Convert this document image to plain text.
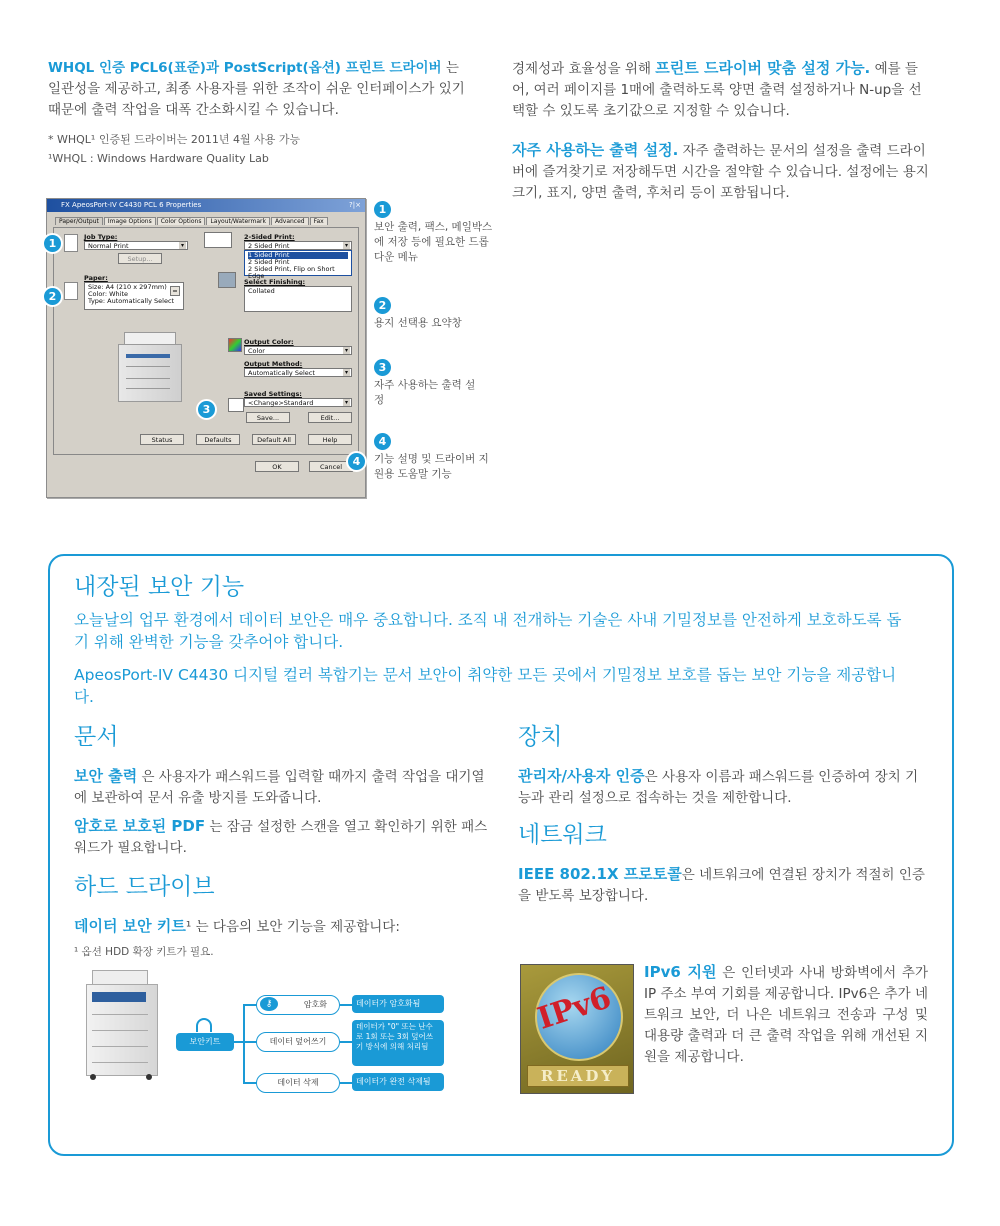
WHQL 인증 PCL6(표준)과 PostScript(옵션) 프린트 드라이버 는 일관성을 제공하고, 최종 사용자를 위한 조작이 쉬운 인터페이스가 있기 때문에 출력 작업을 대폭 간소화시킬 수 있습니다.

* WHQL¹ 인증된 드라이버는 2011년 4월 사용 가능

¹WHQL : Windows Hardware Quality Lab

경제성과 효율성을 위해 프린트 드라이버 맞춤 설정 가능. 예를 들어, 여러 페이지를 1매에 출력하도록 양면 출력 설정하거나 N-up을 선택할 수 있도록 초기값으로 지정할 수 있습니다.

자주 사용하는 출력 설정. 자주 출력하는 문서의 설정을 출력 드라이버에 즐겨찾기로 저장해두면 시간을 절약할 수 있습니다. 설정에는 용지 크기, 표지, 양면 출력, 후처리 등이 포함됩니다.

FX ApeosPort-IV C4430 PCL 6 Properties	?|×
Paper/Output Image Options Color Options Layout/Watermark Advanced Fax
Job Type:
Normal Print ▾
Setup...
Paper:
Size: A4 (210 x 297mm)
Color: White
Type: Automatically Select
=
2-Sided Print:
2 Sided Print ▾
1 Sided Print
2 Sided Print
2 Sided Print, Flip on Short Edge
Select Finishing:
Collated
Output Color:
Color ▾
Output Method:
Automatically Select ▾
Saved Settings:
<Change>Standard ▾
Save...	Edit...
Status	Defaults	Default All	Help
OK	Cancel
1
2
3
4
1

보안 출력, 팩스, 메일박스에 저장 등에 필요한 드롭다운 메뉴

2

용지 선택용 요약창

3

자주 사용하는 출력 설정

4

기능 설명 및 드라이버 지원용 도움말 기능

내장된 보안 기능

오늘날의 업무 환경에서 데이터 보안은 매우 중요합니다. 조직 내 전개하는 기술은 사내 기밀정보를 안전하게 보호하도록 돕기 위해 완벽한 기능을 갖추어야 합니다.

ApeosPort-IV C4430 디지털 컬러 복합기는 문서 보안이 취약한 모든 곳에서 기밀정보 보호를 돕는 보안 기능을 제공합니다.

문서

보안 출력 은 사용자가 패스워드를 입력할 때까지 출력 작업을 대기열에 보관하여 문서 유출 방지를 도와줍니다.

암호로 보호된 PDF 는 잠금 설정한 스캔을 열고 확인하기 위한 패스워드가 필요합니다.

하드 드라이브

데이터 보안 키트¹ 는 다음의 보안 기능을 제공합니다:

¹ 옵션 HDD 확장 키트가 필요.

보안키트
암호화
⚷
데이터 덮어쓰기
데이터 삭제
데이터가 암호화됨
데이터가 "0" 또는 난수로 1회 또는 3회 덮어쓰기 방식에 의해 처리됨
데이터가 완전 삭제됨

장치

관리자/사용자 인증은 사용자 이름과 패스워드를 인증하여 장치 기능과 관리 설정으로 접속하는 것을 제한합니다.

네트워크

IEEE 802.1X 프로토콜은 네트워크에 연결된 장치가 적절히 인증을 받도록 보장합니다.

IPv6
READY

IPv6 지원 은 인터넷과 사내 방화벽에서 추가 IP 주소 부여 기회를 제공합니다. IPv6은 추가 네트워크 보안, 더 나은 네트워크 전송과 구성 및 대용량 출력과 더 큰 출력 작업을 위해 개선된 지원을 제공합니다.
